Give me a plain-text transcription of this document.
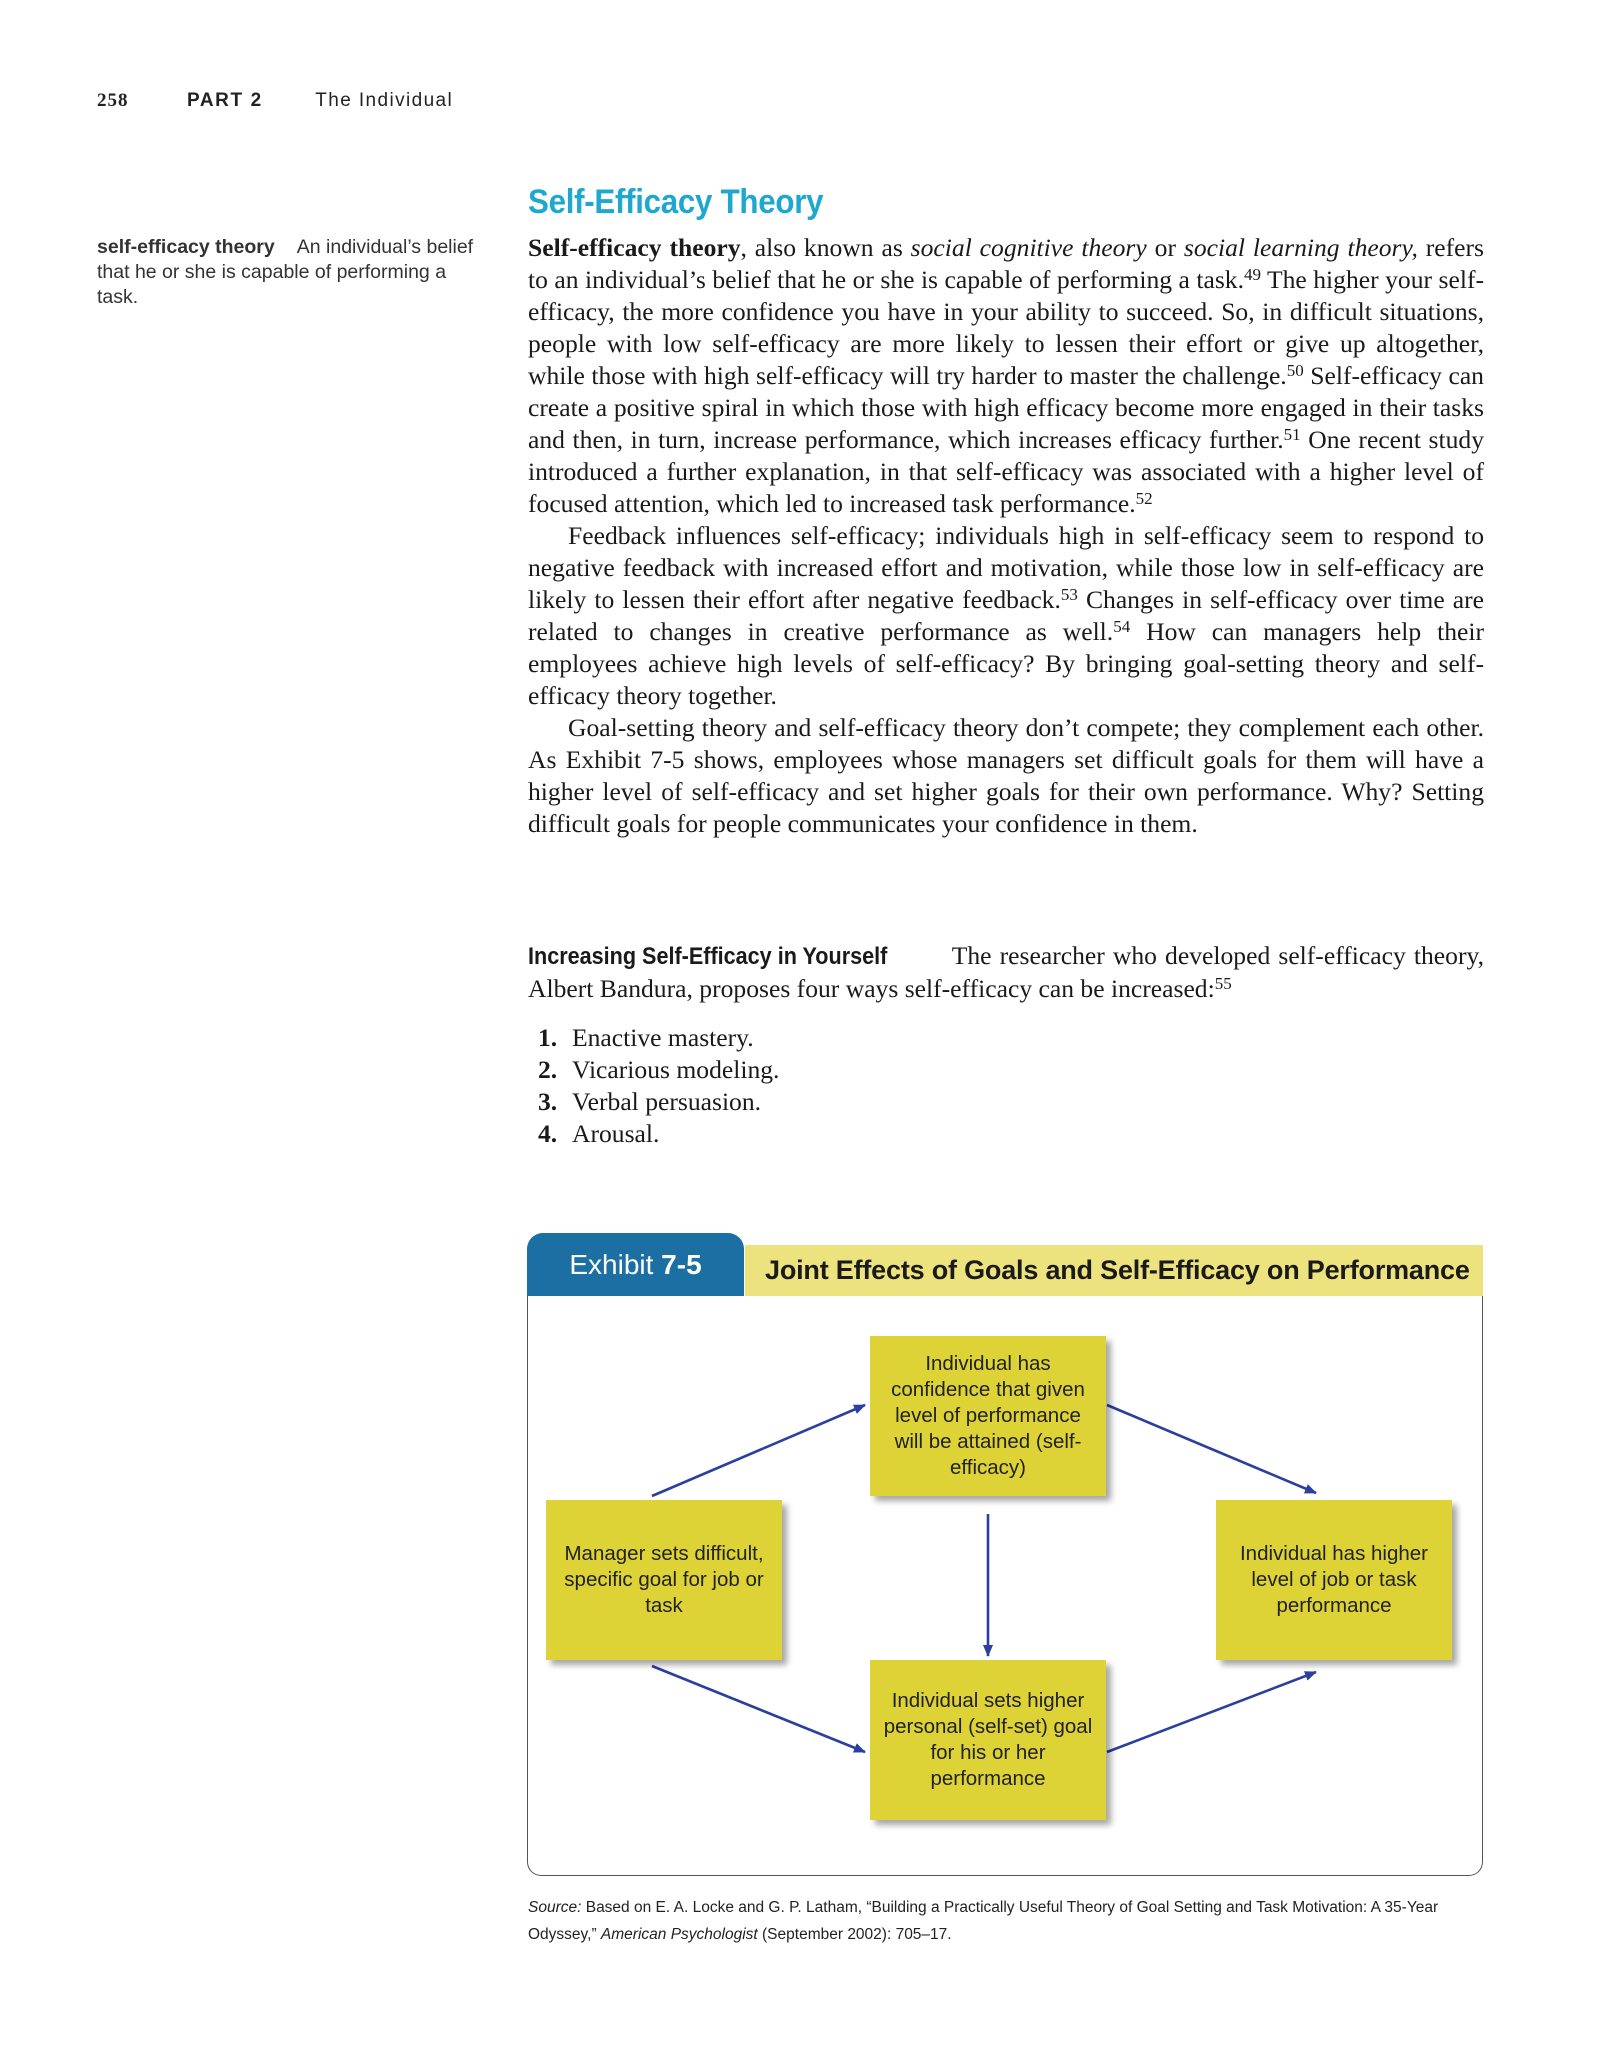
258	PART 2	The Individual
self-efficacy theory An individual’s belief that he or she is capable of performing a task.
Self-Efficacy Theory

Self-efficacy theory, also known as social cognitive theory or social learning theory, refers to an individual’s belief that he or she is capable of performing a task.$^{49}$ The higher your self-efficacy, the more confidence you have in your ability to succeed. So, in difficult situations, people with low self-efficacy are more likely to lessen their effort or give up altogether, while those with high self-efficacy will try harder to master the challenge.$^{50}$ Self-efficacy can create a positive spiral in which those with high efficacy become more engaged in their tasks and then, in turn, increase performance, which increases efficacy further.$^{51}$ One recent study introduced a further explanation, in that self-efficacy was associated with a higher level of focused attention, which led to increased task performance.$^{52}$

Feedback influences self-efficacy; individuals high in self-efficacy seem to respond to negative feedback with increased effort and motivation, while those low in self-efficacy are likely to lessen their effort after negative feedback.$^{53}$ Changes in self-efficacy over time are related to changes in creative performance as well.$^{54}$ How can managers help their employees achieve high levels of self-efficacy? By bringing goal-setting theory and self-efficacy theory together.

Goal-setting theory and self-efficacy theory don’t compete; they complement each other. As Exhibit 7-5 shows, employees whose managers set difficult goals for them will have a higher level of self-efficacy and set higher goals for their own performance. Why? Setting difficult goals for people communicates your confidence in them.

Increasing Self-Efficacy in Yourself	The researcher who developed self-efficacy theory, Albert Bandura, proposes four ways self-efficacy can be increased:$^{55}$
1. Enactive mastery.
2. Vicarious modeling.
3. Verbal persuasion.
4. Arousal.
Exhibit 7-5	Joint Effects of Goals and Self-Efficacy on Performance
Manager sets difficult, specific goal for job or task
Individual has confidence that given level of performance will be attained (self-efficacy)
Individual sets higher personal (self-set) goal for his or her performance
Individual has higher level of job or task performance
Source: Based on E. A. Locke and G. P. Latham, “Building a Practically Useful Theory of Goal Setting and Task Motivation: A 35-Year Odyssey,” American Psychologist (September 2002): 705–17.
